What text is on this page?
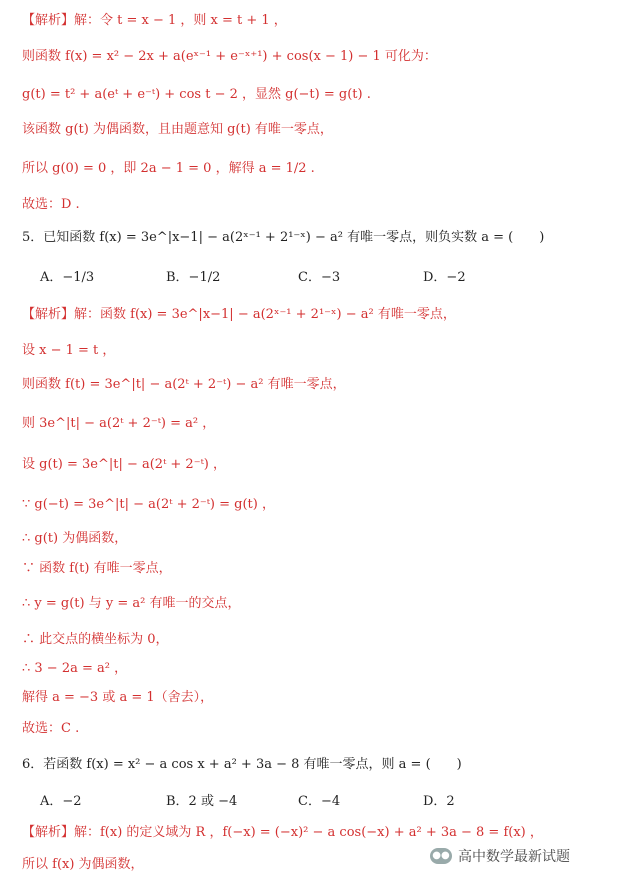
【解析】解：令 t = x − 1 ，则 x = t + 1 ，
则函数 f(x) = x² − 2x + a(eˣ⁻¹ + e⁻ˣ⁺¹) + cos(x − 1) − 1 可化为：
g(t) = t² + a(eᵗ + e⁻ᵗ) + cos t − 2 ，显然 g(−t) = g(t) .
该函数 g(t) 为偶函数，且由题意知 g(t) 有唯一零点，
所以 g(0) = 0 ，即 2a − 1 = 0 ，解得 a = 1/2 .
故选：D .
5．已知函数 f(x) = 3e^|x−1| − a(2ˣ⁻¹ + 2¹⁻ˣ) − a² 有唯一零点，则负实数 a = (　　)
A．−1/3	B．−1/2	C．−3	D．−2
【解析】解：函数 f(x) = 3e^|x−1| − a(2ˣ⁻¹ + 2¹⁻ˣ) − a² 有唯一零点，
设 x − 1 = t ，
则函数 f(t) = 3e^|t| − a(2ᵗ + 2⁻ᵗ) − a² 有唯一零点，
则 3e^|t| − a(2ᵗ + 2⁻ᵗ) = a² ，
设 g(t) = 3e^|t| − a(2ᵗ + 2⁻ᵗ) ，
∵ g(−t) = 3e^|t| − a(2ᵗ + 2⁻ᵗ) = g(t) ，
∴ g(t) 为偶函数，
∵ 函数 f(t) 有唯一零点，
∴ y = g(t) 与 y = a² 有唯一的交点，
∴ 此交点的横坐标为 0，
∴ 3 − 2a = a² ，
解得 a = −3 或 a = 1（舍去），
故选：C .
6．若函数 f(x) = x² − a cos x + a² + 3a − 8 有唯一零点，则 a = (　　)
A．−2	B．2 或 −4	C．−4	D．2
【解析】解：f(x) 的定义域为 R ，f(−x) = (−x)² − a cos(−x) + a² + 3a − 8 = f(x) ，
所以 f(x) 为偶函数，
●● 高中数学最新试题
